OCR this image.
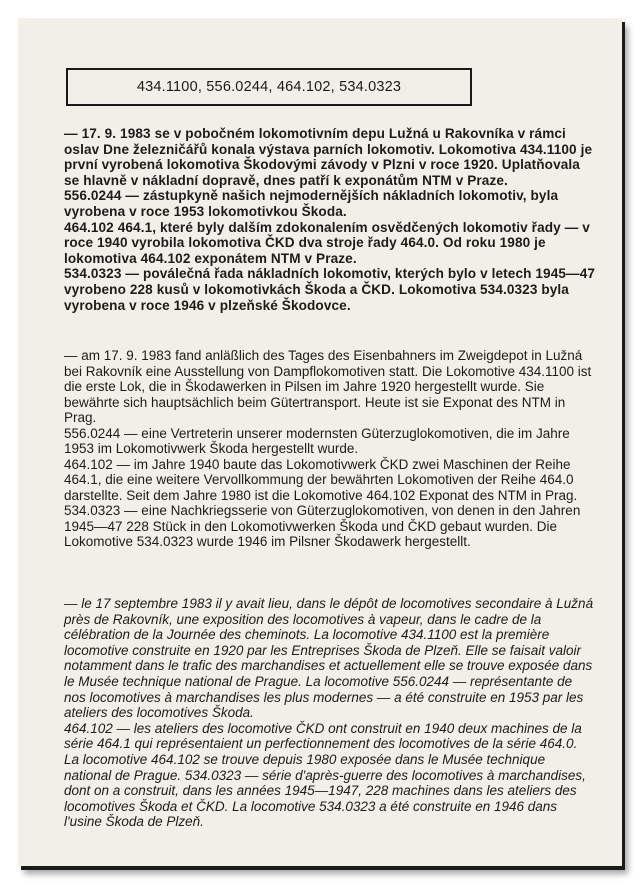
434.1100, 556.0244, 464.102, 534.0323

— 17. 9. 1983 se v pobočném lokomotivním depu Lužná u Rakovníka v rámci oslav Dne železničářů konala výstava parních lokomotiv. Lokomotiva 434.1100 je první vyrobená lokomotiva Škodovými závody v Plzni v roce 1920. Uplatňovala se hlavně v nákladní dopravě, dnes patří k exponátům NTM v Praze.

556.0244 — zástupkyně našich nejmodernějších nákladních lokomotiv, byla vyrobena v roce 1953 lokomotivkou Škoda.

464.102 464.1, které byly dalším zdokonalením osvědčených lokomotiv řady — v roce 1940 vyrobila lokomotiva ČKD dva stroje řady 464.0. Od roku 1980 je lokomotiva 464.102 exponátem NTM v Praze.

534.0323 — poválečná řada nákladních lokomotiv, kterých bylo v letech 1945—47 vyrobeno 228 kusů v lokomotivkách Škoda a ČKD. Lokomotiva 534.0323 byla vyrobena v roce 1946 v plzeňské Škodovce.

— am 17. 9. 1983 fand anläßlich des Tages des Eisenbahners im Zweigdepot in Lužná bei Rakovník eine Ausstellung von Dampflokomotiven statt. Die Lokomotive 434.1100 ist die erste Lok, die in Škodawerken in Pilsen im Jahre 1920 hergestellt wurde. Sie bewährte sich hauptsächlich beim Gütertransport. Heute ist sie Exponat des NTM in Prag.

556.0244 — eine Vertreterin unserer modernsten Güterzuglokomotiven, die im Jahre 1953 im Lokomotivwerk Škoda hergestellt wurde.

464.102 — im Jahre 1940 baute das Lokomotivwerk ČKD zwei Maschinen der Reihe 464.1, die eine weitere Vervollkommung der bewährten Lokomotiven der Reihe 464.0 darstellte. Seit dem Jahre 1980 ist die Lokomotive 464.102 Exponat des NTM in Prag.

534.0323 — eine Nachkriegsserie von Güterzuglokomotiven, von denen in den Jahren 1945—47 228 Stück in den Lokomotivwerken Škoda und ČKD gebaut wurden. Die Lokomotive 534.0323 wurde 1946 im Pilsner Škodawerk hergestellt.

— le 17 septembre 1983 il y avait lieu, dans le dépôt de locomotives secondaire à Lužná près de Rakovník, une exposition des locomotives à vapeur, dans le cadre de la célébration de la Journée des cheminots. La locomotive 434.1100 est la première locomotive construite en 1920 par les Entreprises Škoda de Plzeň. Elle se faisait valoir notamment dans le trafic des marchandises et actuellement elle se trouve exposée dans le Musée technique national de Prague. La locomotive 556.0244 — représentante de nos locomotives à marchandises les plus modernes — a été construite en 1953 par les ateliers des locomotives Škoda.

464.102 — les ateliers des locomotive ČKD ont construit en 1940 deux machines de la série 464.1 qui représentaient un perfectionnement des locomotives de la série 464.0. La locomotive 464.102 se trouve depuis 1980 exposée dans le Musée technique national de Prague. 534.0323 — série d'après-guerre des locomotives à marchandises, dont on a construit, dans les années 1945—1947, 228 machines dans les ateliers des locomotives Škoda et ČKD. La locomotive 534.0323 a été construite en 1946 dans l'usine Škoda de Plzeň.
